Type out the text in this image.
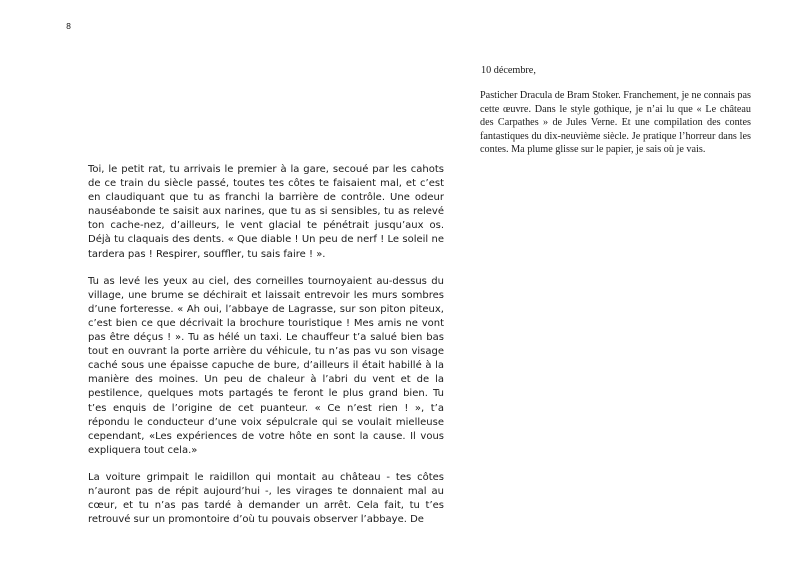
8
10 décembre,

Pasticher Dracula de Bram Stoker. Franchement, je ne connais pas cette œuvre. Dans le style gothique, je n’ai lu que « Le château des Carpathes » de Jules Verne. Et une compilation des contes fantastiques du dix-neuvième siècle. Je pratique l’horreur dans les contes. Ma plume glisse sur le papier, je sais où je vais.

Toi, le petit rat, tu arrivais le premier à la gare, secoué par les cahots de ce train du siècle passé, toutes tes côtes te faisaient mal, et c’est en claudiquant que tu as franchi la barrière de contrôle. Une odeur nauséabonde te saisit aux narines, que tu as si sensibles, tu as relevé ton cache-nez, d’ailleurs, le vent glacial te pénétrait jusqu’aux os. Déjà tu claquais des dents. « Que diable ! Un peu de nerf ! Le soleil ne tardera pas ! Respirer, souffler, tu sais faire ! ».

Tu as levé les yeux au ciel, des corneilles tournoyaient au-dessus du village, une brume se déchirait et laissait entrevoir les murs sombres d’une forteresse. « Ah oui, l’abbaye de Lagrasse, sur son piton piteux, c’est bien ce que décrivait la brochure touristique ! Mes amis ne vont pas être déçus ! ». Tu as hélé un taxi. Le chauffeur t’a salué bien bas tout en ouvrant la porte arrière du véhicule, tu n’as pas vu son visage caché sous une épaisse capuche de bure, d’ailleurs il était habillé à la manière des moines. Un peu de chaleur à l’abri du vent et de la pestilence, quelques mots partagés te feront le plus grand bien. Tu t’es enquis de l’origine de cet puanteur. « Ce n’est rien ! », t’a répondu le conducteur d’une voix sépulcrale qui se voulait mielleuse cependant, «Les expériences de votre hôte en sont la cause. Il vous expliquera tout cela.»

La voiture grimpait le raidillon qui montait au château - tes côtes n’auront pas de répit aujourd’hui -, les virages te donnaient mal au cœur, et tu n’as pas tardé à demander un arrêt. Cela fait, tu t’es retrouvé sur un promontoire d’où tu pouvais observer l’abbaye. De
